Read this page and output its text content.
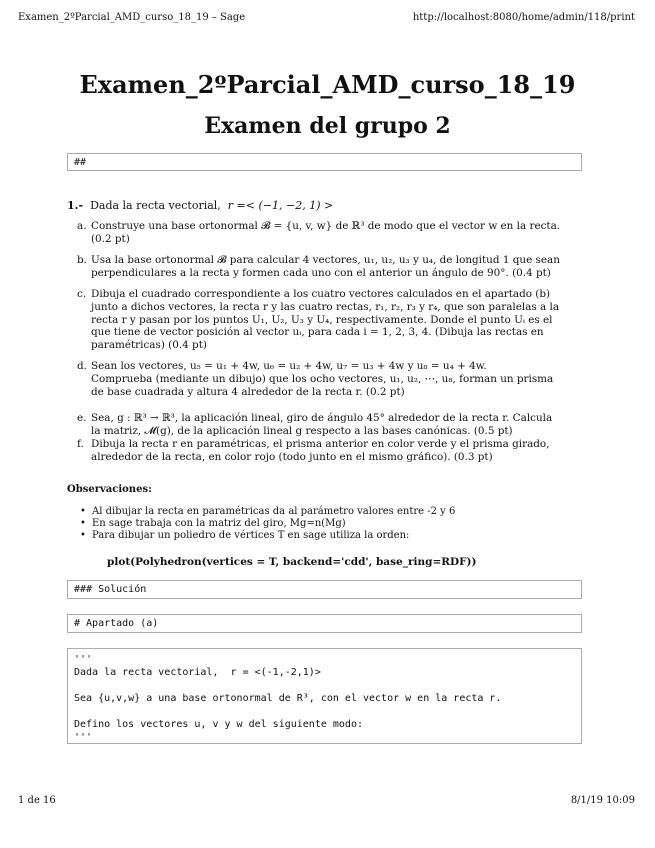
Examen_2ºParcial_AMD_curso_18_19 – Sage	http://localhost:8080/home/admin/118/print
Examen_2ºParcial_AMD_curso_18_19
Examen del grupo 2
##
1.- Dada la recta vectorial, r =< (−1, −2, 1) >
a. Construye una base ortonormal 𝓑 = {u, v, w} de ℝ³ de modo que el vector w en la recta.
(0.2 pt)
b. Usa la base ortonormal 𝓑 para calcular 4 vectores, u₁, u₂, u₃ y u₄, de longitud 1 que sean
perpendiculares a la recta y formen cada uno con el anterior un ángulo de 90°. (0.4 pt)
c. Dibuja el cuadrado correspondiente a los cuatro vectores calculados en el apartado (b)
junto a dichos vectores, la recta r y las cuatro rectas, r₁, r₂, r₃ y r₄, que son paralelas a la
recta r y pasan por los puntos U₁, U₂, U₃ y U₄, respectivamente. Donde el punto Uᵢ es el
que tiene de vector posición al vector uᵢ, para cada i = 1, 2, 3, 4. (Dibuja las rectas en
paramétricas) (0.4 pt)
d. Sean los vectores, u₅ = u₁ + 4w, u₆ = u₂ + 4w, u₇ = u₃ + 4w y u₈ = u₄ + 4w.
Comprueba (mediante un dibujo) que los ocho vectores, u₁, u₂, ⋯, u₈, forman un prisma
de base cuadrada y altura 4 alrededor de la recta r. (0.2 pt)
e. Sea, g : ℝ³ → ℝ³, la aplicación lineal, giro de ángulo 45° alrededor de la recta r. Calcula
la matriz, 𝓜(g), de la aplicación lineal g respecto a las bases canónicas. (0.5 pt)
f. Dibuja la recta r en paramétricas, el prisma anterior en color verde y el prisma girado,
alrededor de la recta, en color rojo (todo junto en el mismo gráfico). (0.3 pt)
Observaciones:
• Al dibujar la recta en paramétricas da al parámetro valores entre -2 y 6
• En sage trabaja con la matriz del giro, Mg=n(Mg)
• Para dibujar un poliedro de vértices T en sage utiliza la orden:
plot(Polyhedron(vertices = T, backend='cdd', base_ring=RDF))
### Solución
# Apartado (a)
'''
Dada la recta vectorial,  r = <(-1,-2,1)>

Sea {u,v,w} a una base ortonormal de R³, con el vector w en la recta r.

Defino los vectores u, v y w del siguiente modo:
'''
1 de 16	8/1/19 10:09
